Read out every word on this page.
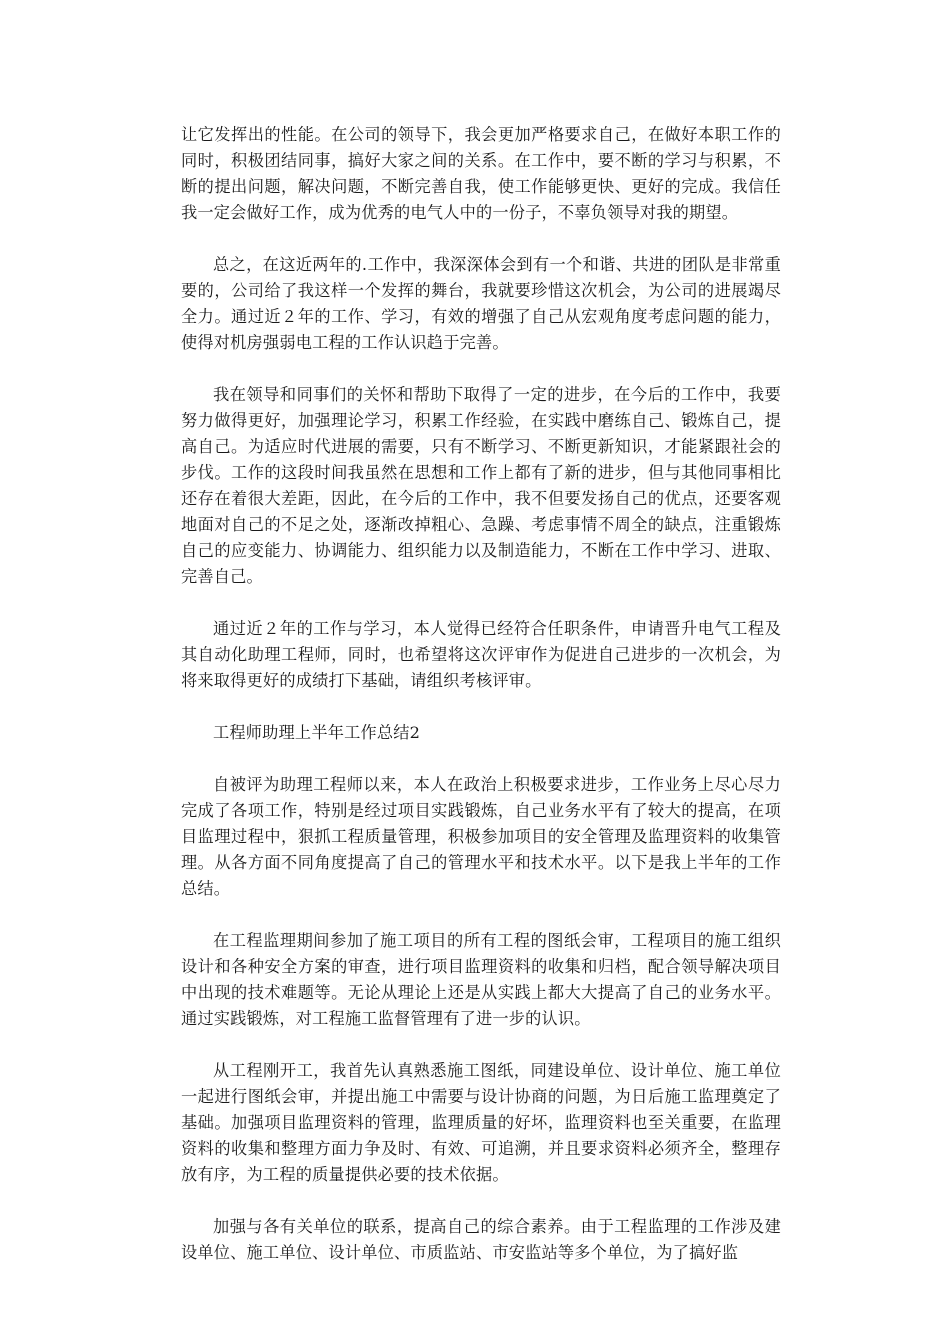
让它发挥出的性能。在公司的领导下，我会更加严格要求自己，在做好本职工作的同时，积极团结同事，搞好大家之间的关系。在工作中，要不断的学习与积累，不断的提出问题，解决问题，不断完善自我，使工作能够更快、更好的完成。我信任我一定会做好工作，成为优秀的电气人中的一份子，不辜负领导对我的期望。

总之，在这近两年的.工作中，我深深体会到有一个和谐、共进的团队是非常重要的，公司给了我这样一个发挥的舞台，我就要珍惜这次机会，为公司的进展竭尽全力。通过近２年的工作、学习，有效的增强了自己从宏观角度考虑问题的能力，使得对机房强弱电工程的工作认识趋于完善。

我在领导和同事们的关怀和帮助下取得了一定的进步，在今后的工作中，我要努力做得更好，加强理论学习，积累工作经验，在实践中磨练自己、锻炼自己，提高自己。为适应时代进展的需要，只有不断学习、不断更新知识，才能紧跟社会的步伐。工作的这段时间我虽然在思想和工作上都有了新的进步，但与其他同事相比还存在着很大差距，因此，在今后的工作中，我不但要发扬自己的优点，还要客观地面对自己的不足之处，逐渐改掉粗心、急躁、考虑事情不周全的缺点，注重锻炼自己的应变能力、协调能力、组织能力以及制造能力，不断在工作中学习、进取、完善自己。

通过近２年的工作与学习，本人觉得已经符合任职条件，申请晋升电气工程及其自动化助理工程师，同时，也希望将这次评审作为促进自己进步的一次机会，为将来取得更好的成绩打下基础，请组织考核评审。

工程师助理上半年工作总结2

自被评为助理工程师以来，本人在政治上积极要求进步，工作业务上尽心尽力完成了各项工作，特别是经过项目实践锻炼，自己业务水平有了较大的提高，在项目监理过程中，狠抓工程质量管理，积极参加项目的安全管理及监理资料的收集管理。从各方面不同角度提高了自己的管理水平和技术水平。以下是我上半年的工作总结。

在工程监理期间参加了施工项目的所有工程的图纸会审，工程项目的施工组织设计和各种安全方案的审查，进行项目监理资料的收集和归档，配合领导解决项目中出现的技术难题等。无论从理论上还是从实践上都大大提高了自己的业务水平。通过实践锻炼，对工程施工监督管理有了进一步的认识。

从工程刚开工，我首先认真熟悉施工图纸，同建设单位、设计单位、施工单位一起进行图纸会审，并提出施工中需要与设计协商的问题，为日后施工监理奠定了基础。加强项目监理资料的管理，监理质量的好坏，监理资料也至关重要，在监理资料的收集和整理方面力争及时、有效、可追溯，并且要求资料必须齐全，整理存放有序，为工程的质量提供必要的技术依据。

加强与各有关单位的联系，提高自己的综合素养。由于工程监理的工作涉及建设单位、施工单位、设计单位、市质监站、市安监站等多个单位，为了搞好监
